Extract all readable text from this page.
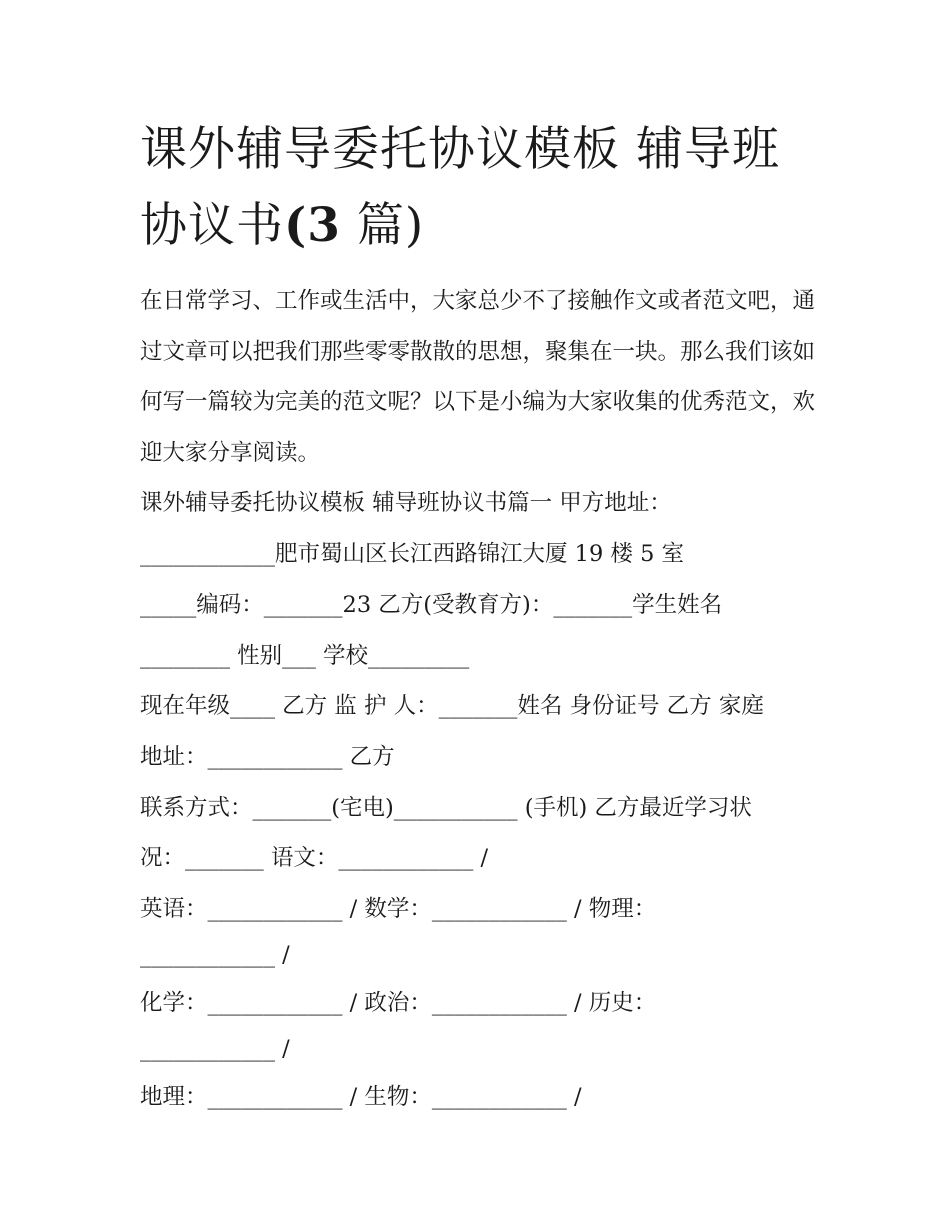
课外辅导委托协议模板 辅导班
协议书(3 篇)

在日常学习、工作或生活中，大家总少不了接触作文或者范文吧，通过文章可以把我们那些零零散散的思想，聚集在一块。那么我们该如何写一篇较为完美的范文呢？以下是小编为大家收集的优秀范文，欢迎大家分享阅读。

课外辅导委托协议模板 辅导班协议书篇一 甲方地址：

____________肥市蜀山区长江西路锦江大厦 19 楼 5 室

_____编码：_______23 乙方(受教育方)：_______学生姓名

________ 性别___ 学校_________

现在年级____ 乙方 监 护 人：_______姓名 身份证号 乙方 家庭

地址：____________ 乙方

联系方式：_______(宅电)___________ (手机) 乙方最近学习状

况：_______ 语文：____________ /

英语：____________ / 数学：____________ / 物理：

____________ /

化学：____________ / 政治：____________ / 历史：

____________ /

地理：____________ / 生物：____________ /
